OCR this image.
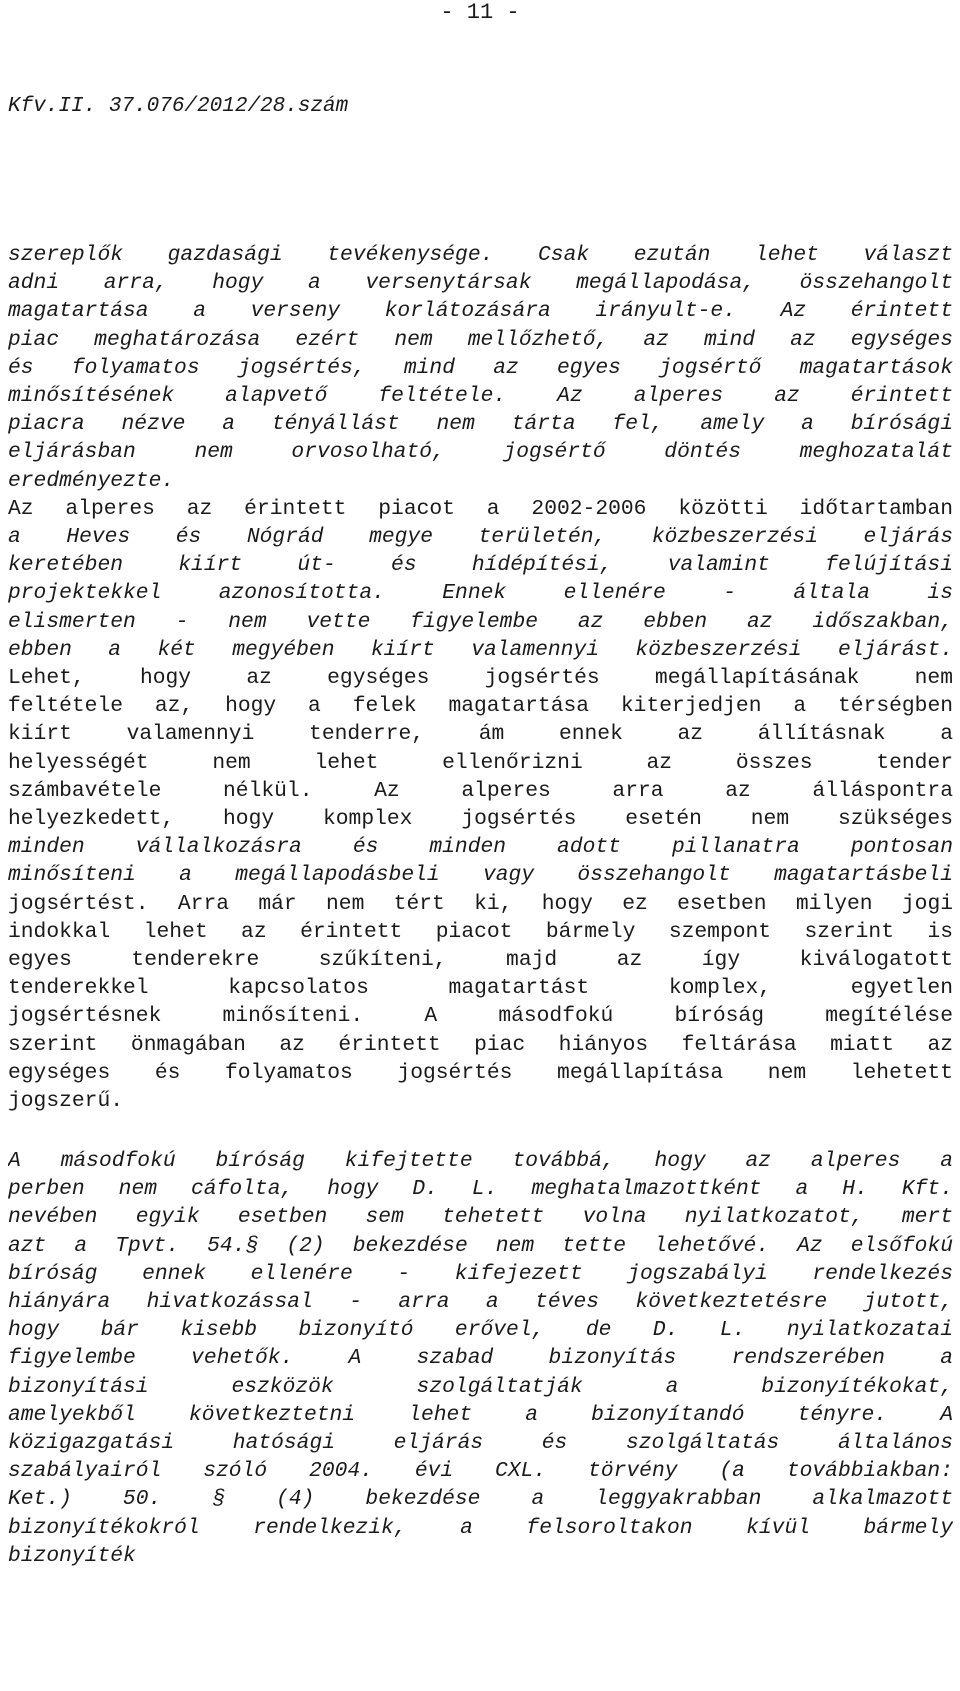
- 11 -
Kfv.II. 37.076/2012/28.szám
szereplők gazdasági tevékenysége. Csak ezután lehet választ
adni arra, hogy a versenytársak megállapodása, összehangolt
magatartása a verseny korlátozására irányult-e. Az érintett
piac meghatározása ezért nem mellőzhető, az mind az egységes
és folyamatos jogsértés, mind az egyes jogsértő magatartások
minősítésének alapvető feltétele. Az alperes az érintett
piacra nézve a tényállást nem tárta fel, amely a bírósági
eljárásban nem orvosolható, jogsértő döntés meghozatalát
eredményezte.
Az alperes az érintett piacot a 2002-2006 közötti időtartamban
a Heves és Nógrád megye területén, közbeszerzési eljárás
keretében kiírt út- és hídépítési, valamint felújítási
projektekkel azonosította. Ennek ellenére - általa is
elismerten - nem vette figyelembe az ebben az időszakban,
ebben a két megyében kiírt valamennyi közbeszerzési eljárást.
Lehet, hogy az egységes jogsértés megállapításának nem
feltétele az, hogy a felek magatartása kiterjedjen a térségben
kiírt valamennyi tenderre, ám ennek az állításnak a
helyességét nem lehet ellenőrizni az összes tender
számbavétele nélkül. Az alperes arra az álláspontra
helyezkedett, hogy komplex jogsértés esetén nem szükséges
minden vállalkozásra és minden adott pillanatra pontosan
minősíteni a megállapodásbeli vagy összehangolt magatartásbeli
jogsértést. Arra már nem tért ki, hogy ez esetben milyen jogi
indokkal lehet az érintett piacot bármely szempont szerint is
egyes tenderekre szűkíteni, majd az így kiválogatott
tenderekkel kapcsolatos magatartást komplex, egyetlen
jogsértésnek minősíteni. A másodfokú bíróság megítélése
szerint önmagában az érintett piac hiányos feltárása miatt az
egységes és folyamatos jogsértés megállapítása nem lehetett
jogszerű.
A másodfokú bíróság kifejtette továbbá, hogy az alperes a
perben nem cáfolta, hogy D. L. meghatalmazottként a H. Kft.
nevében egyik esetben sem tehetett volna nyilatkozatot, mert
azt a Tpvt. 54.§ (2) bekezdése nem tette lehetővé. Az elsőfokú
bíróság ennek ellenére - kifejezett jogszabályi rendelkezés
hiányára hivatkozással - arra a téves következtetésre jutott,
hogy bár kisebb bizonyító erővel, de D. L. nyilatkozatai
figyelembe vehetők. A szabad bizonyítás rendszerében a
bizonyítási eszközök szolgáltatják a bizonyítékokat,
amelyekből következtetni lehet a bizonyítandó tényre. A
közigazgatási hatósági eljárás és szolgáltatás általános
szabályairól szóló 2004. évi CXL. törvény (a továbbiakban:
Ket.) 50. § (4) bekezdése a leggyakrabban alkalmazott
bizonyítékokról rendelkezik, a felsoroltakon kívül bármely
bizonyíték
